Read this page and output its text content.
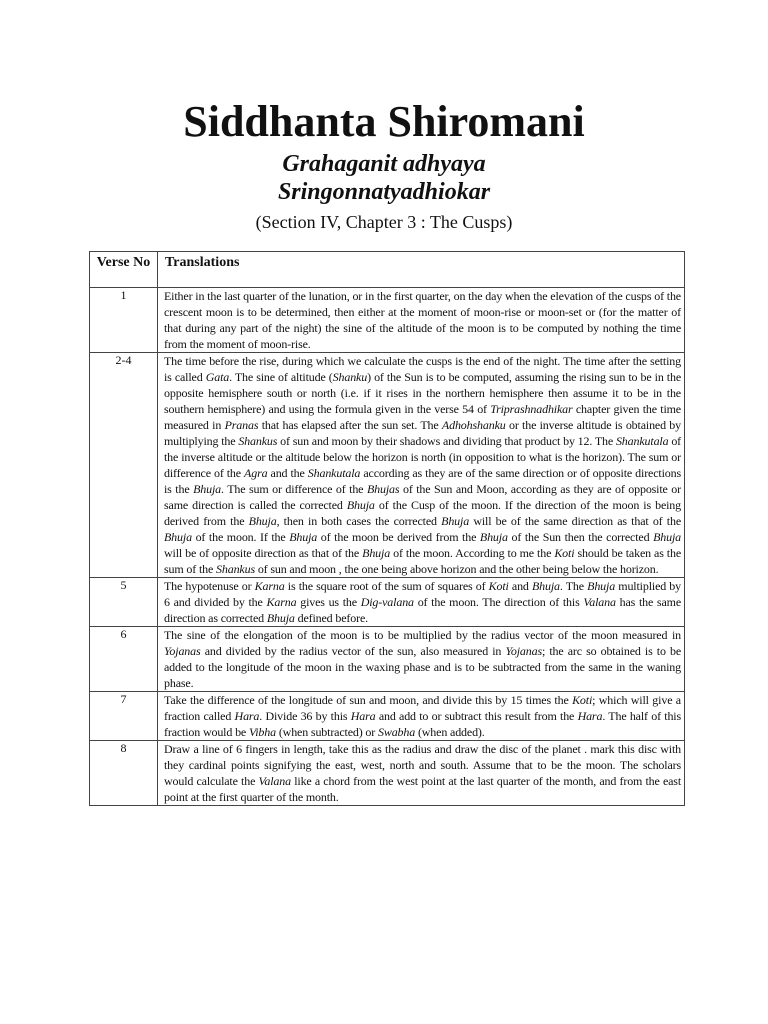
Siddhanta Shiromani
Grahaganit adhyaya
Sringonnatyadhiokar
(Section IV, Chapter 3 : The Cusps)
Verse No	Translations
1	Either in the last quarter of the lunation, or in the first quarter, on the day when the elevation of the cusps of the crescent moon is to be determined, then either at the moment of moon-rise or moon-set or (for the matter of that during any part of the night) the sine of the altitude of the moon is to be computed by nothing the time from the moment of moon-rise.
2-4	The time before the rise, during which we calculate the cusps is the end of the night. The time after the setting is called Gata. The sine of altitude (Shanku) of the Sun is to be computed, assuming the rising sun to be in the opposite hemisphere south or north (i.e. if it rises in the northern hemisphere then assume it to be in the southern hemisphere) and using the formula given in the verse 54 of Triprashnadhikar chapter given the time measured in Pranas that has elapsed after the sun set. The Adhohshanku or the inverse altitude is obtained by multiplying the Shankus of sun and moon by their shadows and dividing that product by 12. The Shankutala of the inverse altitude or the altitude below the horizon is north (in opposition to what is the horizon). The sum or difference of the Agra and the Shankutala according as they are of the same direction or of opposite directions is the Bhuja. The sum or difference of the Bhujas of the Sun and Moon, according as they are of opposite or same direction is called the corrected Bhuja of the Cusp of the moon. If the direction of the moon is being derived from the Bhuja, then in both cases the corrected Bhuja will be of the same direction as that of the Bhuja of the moon. If the Bhuja of the moon be derived from the Bhuja of the Sun then the corrected Bhuja will be of opposite direction as that of the Bhuja of the moon. According to me the Koti should be taken as the sum of the Shankus of sun and moon , the one being above horizon and the other being below the horizon.
5	The hypotenuse or Karna is the square root of the sum of squares of Koti and Bhuja. The Bhuja multiplied by 6 and divided by the Karna gives us the Dig-valana of the moon. The direction of this Valana has the same direction as corrected Bhuja defined before.
6	The sine of the elongation of the moon is to be multiplied by the radius vector of the moon measured in Yojanas and divided by the radius vector of the sun, also measured in Yojanas; the arc so obtained is to be added to the longitude of the moon in the waxing phase and is to be subtracted from the same in the waning phase.
7	Take the difference of the longitude of sun and moon, and divide this by 15 times the Koti; which will give a fraction called Hara. Divide 36 by this Hara and add to or subtract this result from the Hara. The half of this fraction would be Vibha (when subtracted) or Swabha (when added).
8	Draw a line of 6 fingers in length, take this as the radius and draw the disc of the planet . mark this disc with they cardinal points signifying the east, west, north and south. Assume that to be the moon. The scholars would calculate the Valana like a chord from the west point at the last quarter of the month, and from the east point at the first quarter of the month.
